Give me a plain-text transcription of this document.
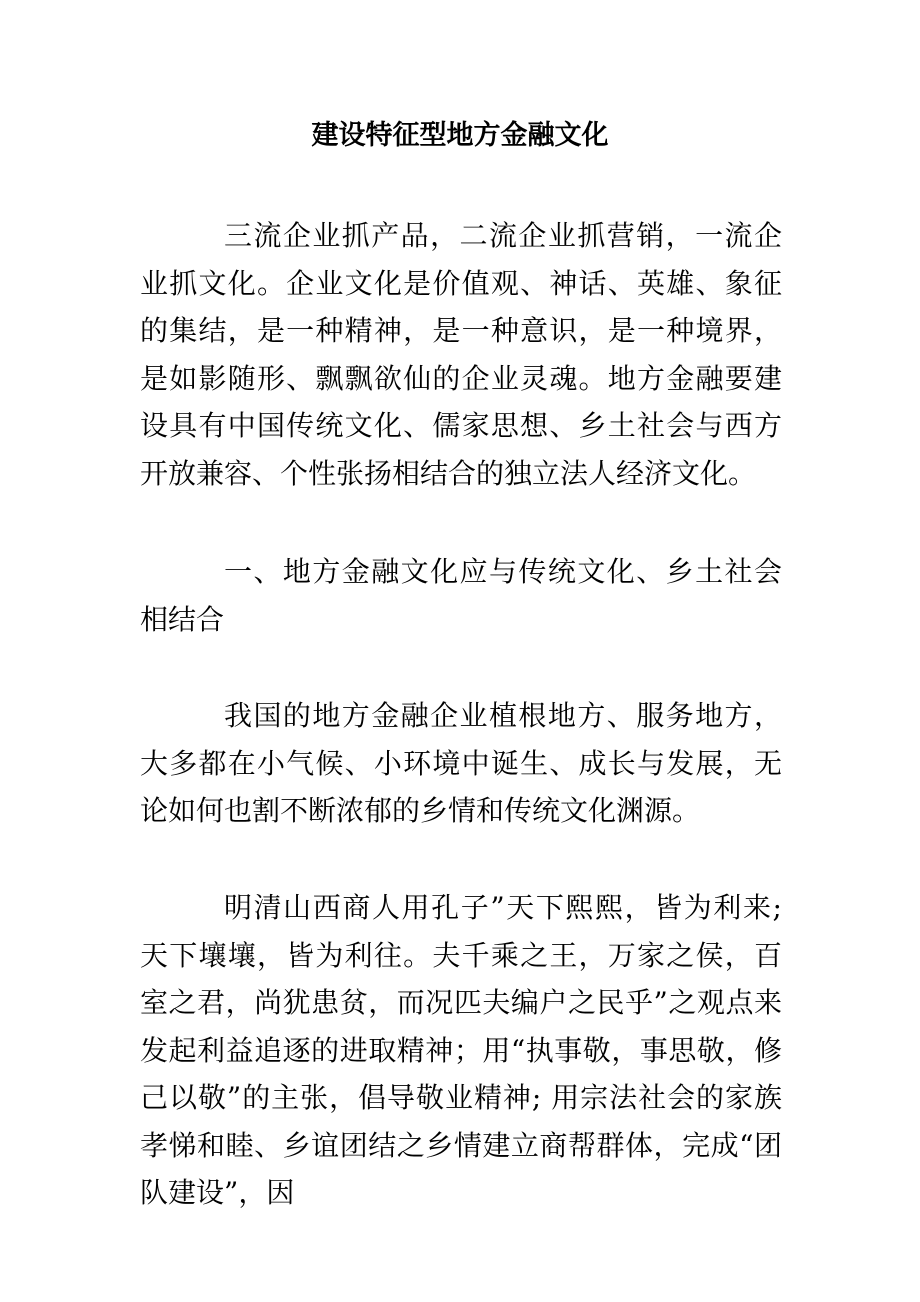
建设特征型地方金融文化

三流企业抓产品，二流企业抓营销，一流企业抓文化。企业文化是价值观、神话、英雄、象征的集结，是一种精神，是一种意识，是一种境界，是如影随形、飘飘欲仙的企业灵魂。地方金融要建设具有中国传统文化、儒家思想、乡土社会与西方开放兼容、个性张扬相结合的独立法人经济文化。

一、地方金融文化应与传统文化、乡土社会相结合

我国的地方金融企业植根地方、服务地方，大多都在小气候、小环境中诞生、成长与发展，无论如何也割不断浓郁的乡情和传统文化渊源。

明清山西商人用孔子”天下熙熙，皆为利来; 天下壤壤，皆为利往。夫千乘之王，万家之侯，百室之君，尚犹患贫，而况匹夫编户之民乎”之观点来发起利益追逐的进取精神；用“执事敬，事思敬，修己以敬”的主张，倡导敬业精神; 用宗法社会的家族孝悌和睦、乡谊团结之乡情建立商帮群体，完成“团队建设”，因
